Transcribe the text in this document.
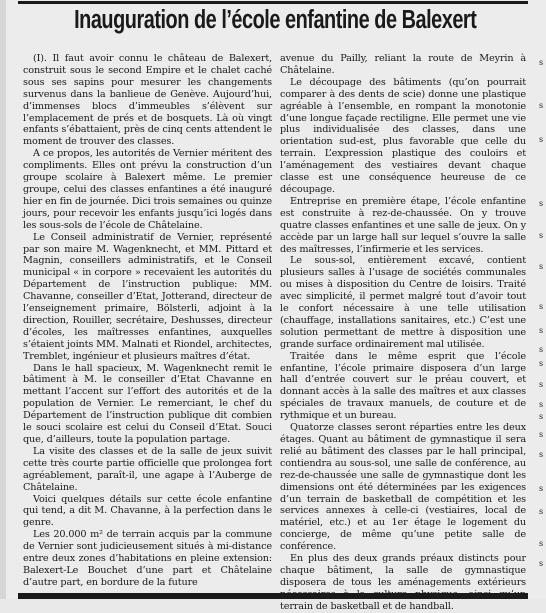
Inauguration de l’école enfantine de Balexert

(I). Il faut avoir connu le château de Balexert, construit sous le second Empire et le chalet caché sous ses sapins pour mesurer les changements survenus dans la banlieue de Genève. Aujourd’hui, d’immenses blocs d’immeubles s’élèvent sur l’emplacement de prés et de bosquets. Là où vingt enfants s’ébattaient, près de cinq cents attendent le moment de trouver des classes.

A ce propos, les autorités de Vernier méritent des compliments. Elles ont prévu la construction d’un groupe scolaire à Balexert même. Le premier groupe, celui des classes enfantines a été inauguré hier en fin de journée. Dici trois semaines ou quinze jours, pour recevoir les enfants jusqu’ici logés dans les sous-sols de l’école de Châtelaine.

Le Conseil administratif de Vernier, représenté par son maire M. Wagenknecht, et MM. Pittard et Magnin, conseillers administratifs, et le Conseil municipal « in corpore » recevaient les autorités du Département de l’instruction publique: MM. Chavanne, conseiller d’Etat, Jotterand, directeur de l’enseignement primaire, Bölsterli, adjoint à la direction, Rouiller, secrétaire, Deshusses, directeur d’écoles, les maîtresses enfantines, auxquelles s’étaient joints MM. Malnati et Riondel, architectes, Tremblet, ingénieur et plusieurs maîtres d’état.

Dans le hall spacieux, M. Wagenknecht remit le bâtiment à M. le conseiller d’Etat Chavanne en mettant l’accent sur l’effort des autorités et de la population de Vernier. Le remerciant, le chef du Département de l’instruction publique dit combien le souci scolaire est celui du Conseil d’Etat. Souci que, d’ailleurs, toute la population partage.

La visite des classes et de la salle de jeux suivit cette très courte partie officielle que prolongea fort agréablement, paraît-il, une agape à l’Auberge de Châtelaine.

Voici quelques détails sur cette école enfantine qui tend, a dit M. Chavanne, à la perfection dans le genre.

Les 20.000 m² de terrain acquis par la commune de Vernier sont judicieusement situés à mi-distance entre deux zones d’habitations en pleine extension: Balexert-Le Bouchet d’une part et Châtelaine d’autre part, en bordure de la future

avenue du Pailly, reliant la route de Meyrin à Châtelaine.

Le découpage des bâtiments (qu’on pourrait comparer à des dents de scie) donne une plastique agréable à l’ensemble, en rompant la monotonie d’une longue façade rectiligne. Elle permet une vie plus individualisée des classes, dans une orientation sud-est, plus favorable que celle du terrain. L’expression plastique des couloirs et l’aménagement des vestiaires devant chaque classe est une conséquence heureuse de ce découpage.

Entreprise en première étape, l’école enfantine est construite à rez-de-chaussée. On y trouve quatre classes enfantines et une salle de jeux. On y accède par un large hall sur lequel s’ouvre la salle des maîtresses, l’infirmerie et les services.

Le sous-sol, entièrement excavé, contient plusieurs salles à l’usage de sociétés communales ou mises à disposition du Centre de loisirs. Traité avec simplicité, il permet malgré tout d’avoir tout le confort nécessaire à une telle utilisation (chauffage, installations sanitaires, etc.) C’est une solution permettant de mettre à disposition une grande surface ordinairement mal utilisée.

Traitée dans le même esprit que l’école enfantine, l’école primaire disposera d’un large hall d’entrée couvert sur le préau couvert, et donnant accès à la salle des maîtres et aux classes spéciales de travaux manuels, de couture et de rythmique et un bureau.

Quatorze classes seront réparties entre les deux étages. Quant au bâtiment de gymnastique il sera relié au bâtiment des classes par le hall principal, contiendra au sous-sol, une salle de conférence, au rez-de-chaussée une salle de gymnastique dont les dimensions ont été déterminées par les exigences d’un terrain de basketball de compétition et les services annexes à celle-ci (vestiaires, local de matériel, etc.) et au 1er étage le logement du concierge, de même qu’une petite salle de conférence.

En plus des deux grands préaux distincts pour chaque bâtiment, la salle de gymnastique disposera de tous les aménagements extérieurs terrain de basketball et de handball.

s
s
s
s
s
s
s
s
s
s
s
s
s
s
s
s
s
s
s
